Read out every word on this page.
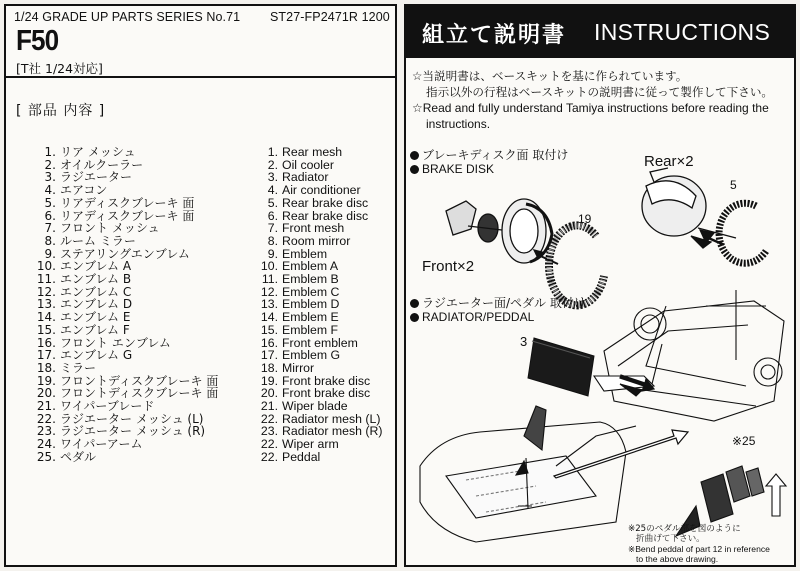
1/24 GRADE UP PARTS SERIES No.71 ST27-FP2471R 1200
F50
[T社 1/24対応]
[ 部品 内容 ]
1. リア メッシュ
2. オイルクーラー
3. ラジエーター
4. エアコン
5. リアディスクブレーキ 面
6. リアディスクブレーキ 面
7. フロント メッシュ
8. ルーム ミラー
9. ステアリングエンブレム
10. エンブレム A
11. エンブレム B
12. エンブレム C
13. エンブレム D
14. エンブレム E
15. エンブレム F
16. フロント エンブレム
17. エンブレム G
18. ミラー
19. フロントディスクブレーキ 面
20. フロントディスクブレーキ 面
21. ワイパーブレード
22. ラジエーター メッシュ (L)
23. ラジエーター メッシュ (R)
24. ワイパーアーム
25. ペダル
1. Rear mesh
2. Oil cooler
3. Radiator
4. Air conditioner
5. Rear brake disc
6. Rear brake disc
7. Front mesh
8. Room mirror
9. Emblem
10. Emblem A
11. Emblem B
12. Emblem C
13. Emblem D
14. Emblem E
15. Emblem F
16. Front emblem
17. Emblem G
18. Mirror
19. Front brake disc
20. Front brake disc
21. Wiper blade
22. Radiator mesh (L)
23. Radiator mesh (R)
22. Wiper arm
22. Peddal
組立て説明書 INSTRUCTIONS
☆当説明書は、ベースキットを基に作られています。
指示以外の行程はベースキットの説明書に従って製作して下さい。
☆Read and fully understand Tamiya instructions before reading the
instructions.
ブレーキディスク面 取付け
BRAKE DISK	Rear×2
Front×2
5
19
ラジエーター面/ペダル 取付け
RADIATOR/PEDDAL
3
※25
※25のペダル部を図のように
折曲げて下さい。
※Bend peddal of part 12 in reference
to the above drawing.
